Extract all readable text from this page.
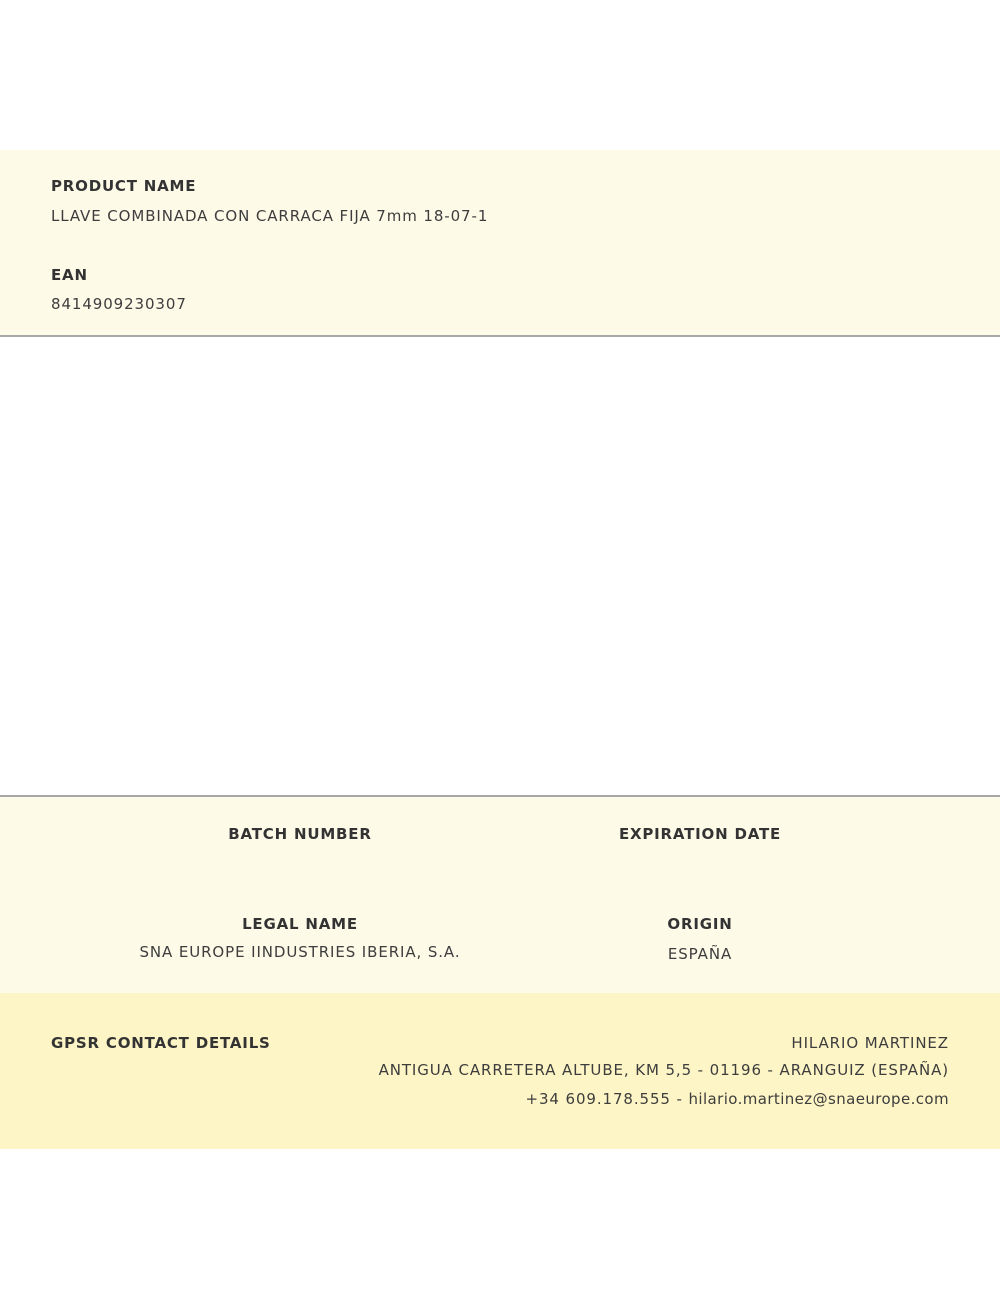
PRODUCT NAME
LLAVE COMBINADA CON CARRACA FIJA 7mm 18-07-1
EAN
8414909230307
BATCH NUMBER	EXPIRATION DATE
LEGAL NAME
SNA EUROPE IINDUSTRIES IBERIA, S.A.
ORIGIN
ESPAÑA
GPSR CONTACT DETAILS	HILARIO MARTINEZ
ANTIGUA CARRETERA ALTUBE, KM 5,5 - 01196 - ARANGUIZ (ESPAÑA)
+34 609.178.555 - hilario.martinez@snaeurope.com
